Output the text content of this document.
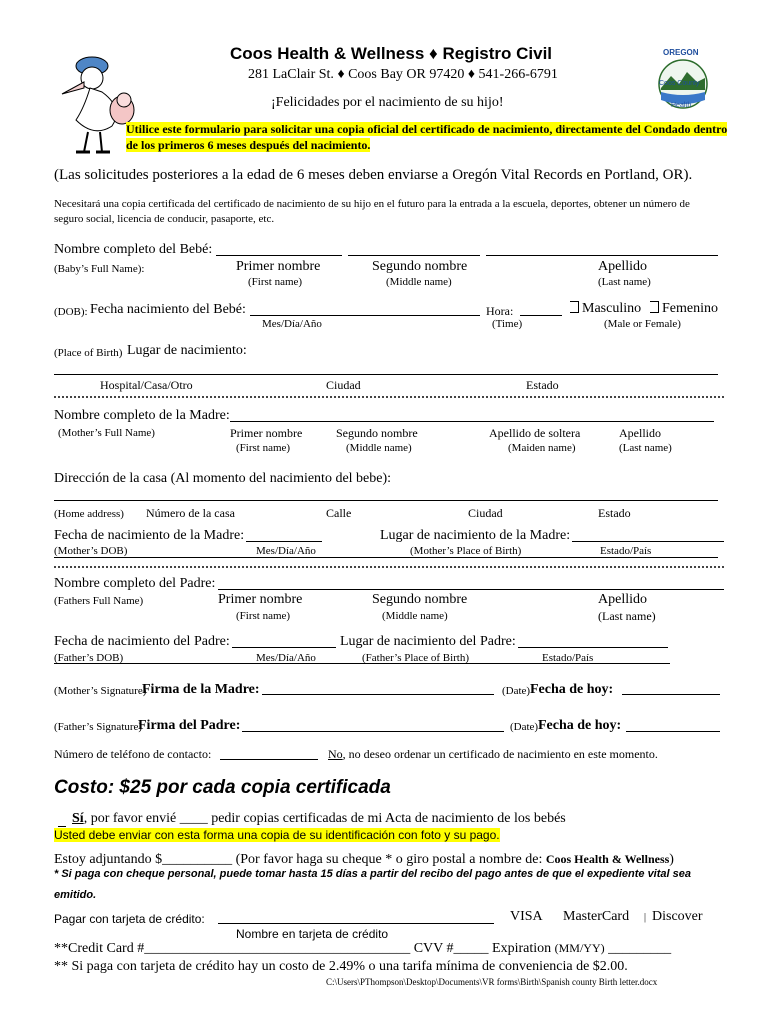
Coos Health & Wellness ♦ Registro Civil
281 LaClair St. ♦ Coos Bay OR 97420 ♦ 541-266-6791
¡Felicidades por el nacimiento de su hijo!
OREGON
Coos County
Health
Utilice este formulario para solicitar una copia oficial del certificado de nacimiento, directamente del Condado dentro
de los primeros 6 meses después del nacimiento.
(Las solicitudes posteriores a la edad de 6 meses deben enviarse a Oregón Vital Records en Portland, OR).
Necesitará una copia certificada del certificado de nacimiento de su hijo en el futuro para la entrada a la escuela, deportes, obtener un número de
seguro social, licencia de conducir, pasaporte, etc.
Nombre completo del Bebé:
(Baby’s Full Name):	Primer nombre
(First name)
Segundo nombre
(Middle name)
Apellido
(Last name)
(DOB): Fecha nacimiento del Bebé:
Mes/Día/Año
Hora:
(Time)
Masculino	Femenino
(Male or Female)
(Place of Birth) Lugar de nacimiento:
Hospital/Casa/Otro	Ciudad	Estado
Nombre completo de la Madre:
(Mother’s Full Name)	Primer nombre
(First name)
Segundo nombre
(Middle name)
Apellido de soltera
(Maiden name)
Apellido
(Last name)
Dirección de la casa (Al momento del nacimiento del bebe):
(Home address) Número de la casa	Calle	Ciudad	Estado
Fecha de nacimiento de la Madre:	Lugar de nacimiento de la Madre:
(Mother’s DOB)	Mes/Día/Año	(Mother’s Place of Birth)	Estado/País
Nombre completo del Padre:
(Fathers Full Name)	Primer nombre
(First name)
Segundo nombre
(Middle name)
Apellido
(Last name)
Fecha de nacimiento del Padre:	Lugar de nacimiento del Padre:
(Father’s DOB)	Mes/Día/Año	(Father’s Place of Birth)	Estado/País
(Mother’s Signature)
Firma de la Madre:	(Date) Fecha de hoy:
(Father’s Signature)
Firma del Padre:	(Date) Fecha de hoy:
Número de teléfono de contacto:	No, no deseo ordenar un certificado de nacimiento en este momento.
Costo: $25 por cada copia certificada
Sí, por favor envié ____ pedir copias certificadas de mi Acta de nacimiento de los bebés
Usted debe enviar con esta forma una copia de su identificación con foto y su pago.
Estoy adjuntando $__________ (Por favor haga su cheque * o giro postal a nombre de: Coos Health & Wellness)
* Si paga con cheque personal, puede tomar hasta 15 días a partir del recibo del pago antes de que el expediente vital sea
emitido.
Pagar con tarjeta de crédito:	VISA MasterCard | Discover
Nombre en tarjeta de crédito
**Credit Card #______________________________________ CVV #_____ Expiration (MM/YY) _________
** Si paga con tarjeta de crédito hay un costo de 2.49% o una tarifa mínima de conveniencia de $2.00.
C:\Users\PThompson\Desktop\Documents\VR forms\Birth\Spanish county Birth letter.docx
